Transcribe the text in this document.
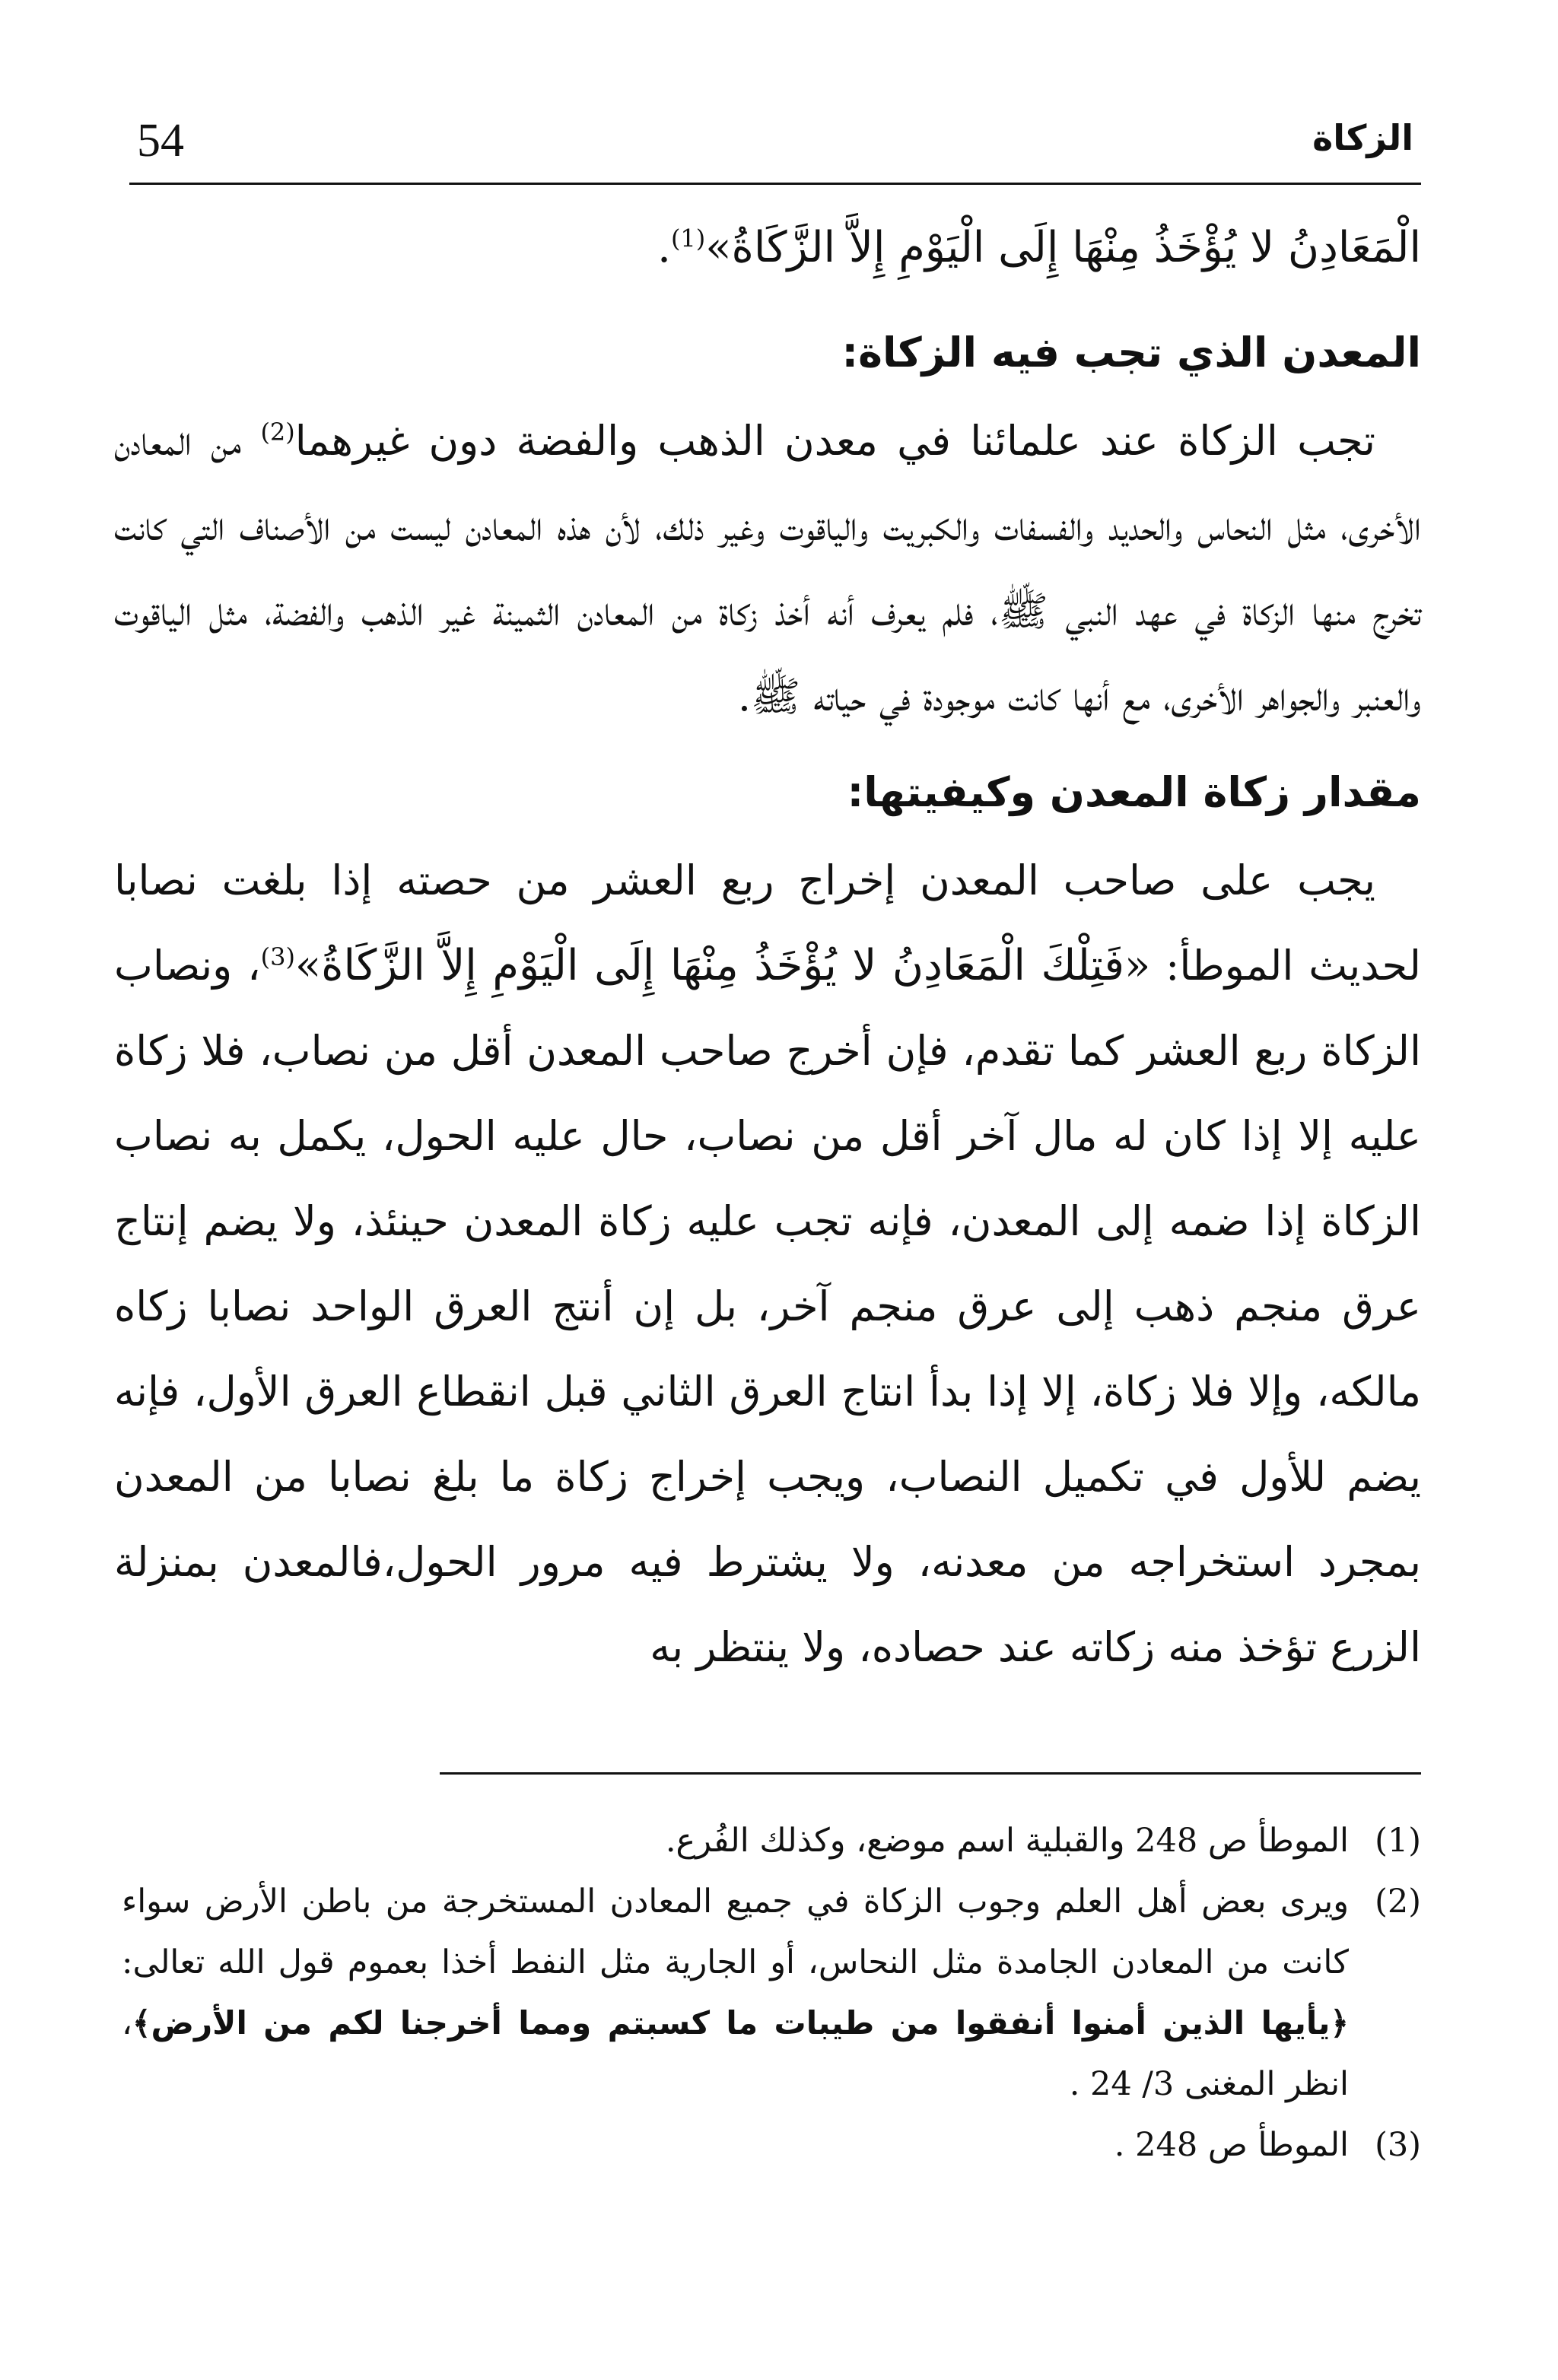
54	الزكاة

الْمَعَادِنُ لا يُؤْخَذُ مِنْهَا إِلَى الْيَوْمِ إِلاَّ الزَّكَاةُ»$^{(1)}$.

المعدن الذي تجب فيه الزكاة:

تجب الزكاة عند علمائنا في معدن الذهب والفضة دون غيرهما$^{(2)}$ من المعادن الأخرى، مثل النحاس والحديد والفسفات والكبريت والياقوت وغير ذلك، لأن هذه المعادن ليست من الأصناف التي كانت تخرج منها الزكاة في عهد النبي ﷺ، فلم يعرف أنه أخذ زكاة من المعادن الثمينة غير الذهب والفضة، مثل الياقوت والعنبر والجواهر الأخرى، مع أنها كانت موجودة في حياته ﷺ.

مقدار زكاة المعدن وكيفيتها:

يجب على صاحب المعدن إخراج ربع العشر من حصته إذا بلغت نصابا لحديث الموطأ: «فَتِلْكَ الْمَعَادِنُ لا يُؤْخَذُ مِنْهَا إِلَى الْيَوْمِ إِلاَّ الزَّكَاةُ»$^{(3)}$، ونصاب الزكاة ربع العشر كما تقدم، فإن أخرج صاحب المعدن أقل من نصاب، فلا زكاة عليه إلا إذا كان له مال آخر أقل من نصاب، حال عليه الحول، يكمل به نصاب الزكاة إذا ضمه إلى المعدن، فإنه تجب عليه زكاة المعدن حينئذ، ولا يضم إنتاج عرق منجم ذهب إلى عرق منجم آخر، بل إن أنتج العرق الواحد نصابا زكاه مالكه، وإلا فلا زكاة، إلا إذا بدأ انتاج العرق الثاني قبل انقطاع العرق الأول، فإنه يضم للأول في تكميل النصاب، ويجب إخراج زكاة ما بلغ نصابا من المعدن بمجرد استخراجه من معدنه، ولا يشترط فيه مرور الحول،فالمعدن بمنزلة الزرع تؤخذ منه زكاته عند حصاده، ولا ينتظر به

(1)
الموطأ ص 248 والقبلية اسم موضع، وكذلك الفُرع.
(2)
ويرى بعض أهل العلم وجوب الزكاة في جميع المعادن المستخرجة من باطن الأرض سواء كانت من المعادن الجامدة مثل النحاس، أو الجارية مثل النفط أخذا بعموم قول الله تعالى: ﴿يأيها الذين أمنوا أنفقوا من طيبات ما كسبتم ومما أخرجنا لكم من الأرض﴾، انظر المغنى 3/ 24 .
(3)
الموطأ ص 248 .
